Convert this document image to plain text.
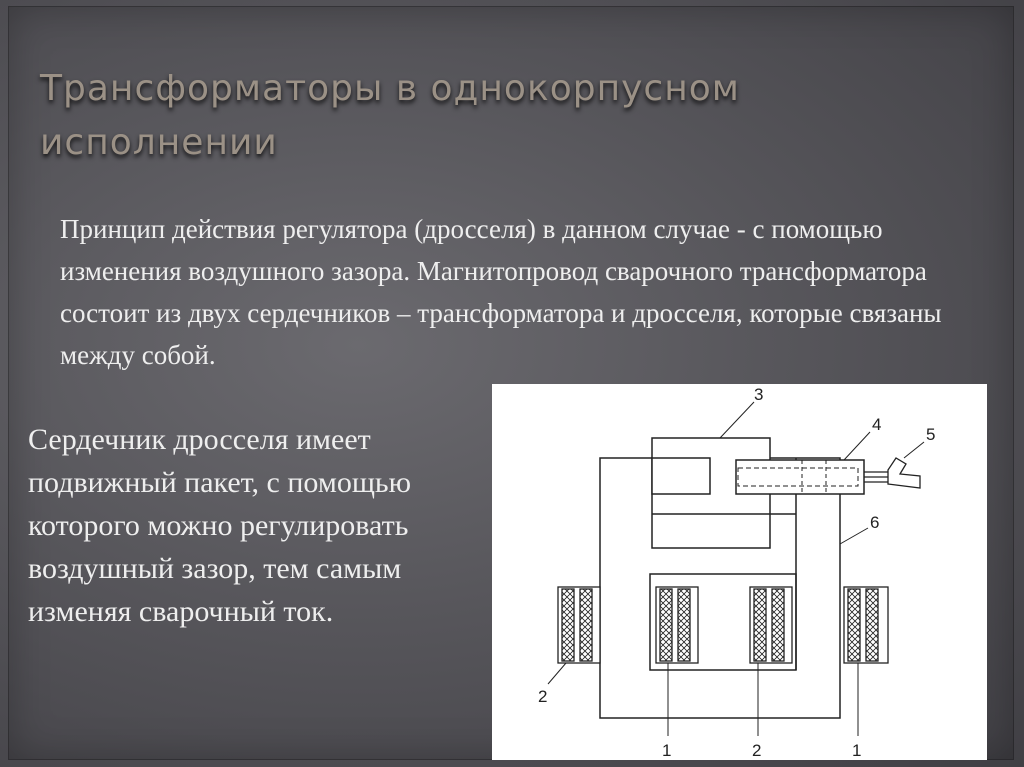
Трансформаторы в однокорпусном исполнении

Принцип действия регулятора (дросселя) в данном случае - с помощью изменения воздушного зазора. Магнитопровод сварочного трансформатора состоит из двух сердечников – трансформатора и дросселя, которые связаны между собой.

Сердечник дросселя имеет подвижный пакет, с помощью которого можно регулировать воздушный зазор, тем самым изменяя сварочный ток.

3
4
5
6
2
1	2	1
